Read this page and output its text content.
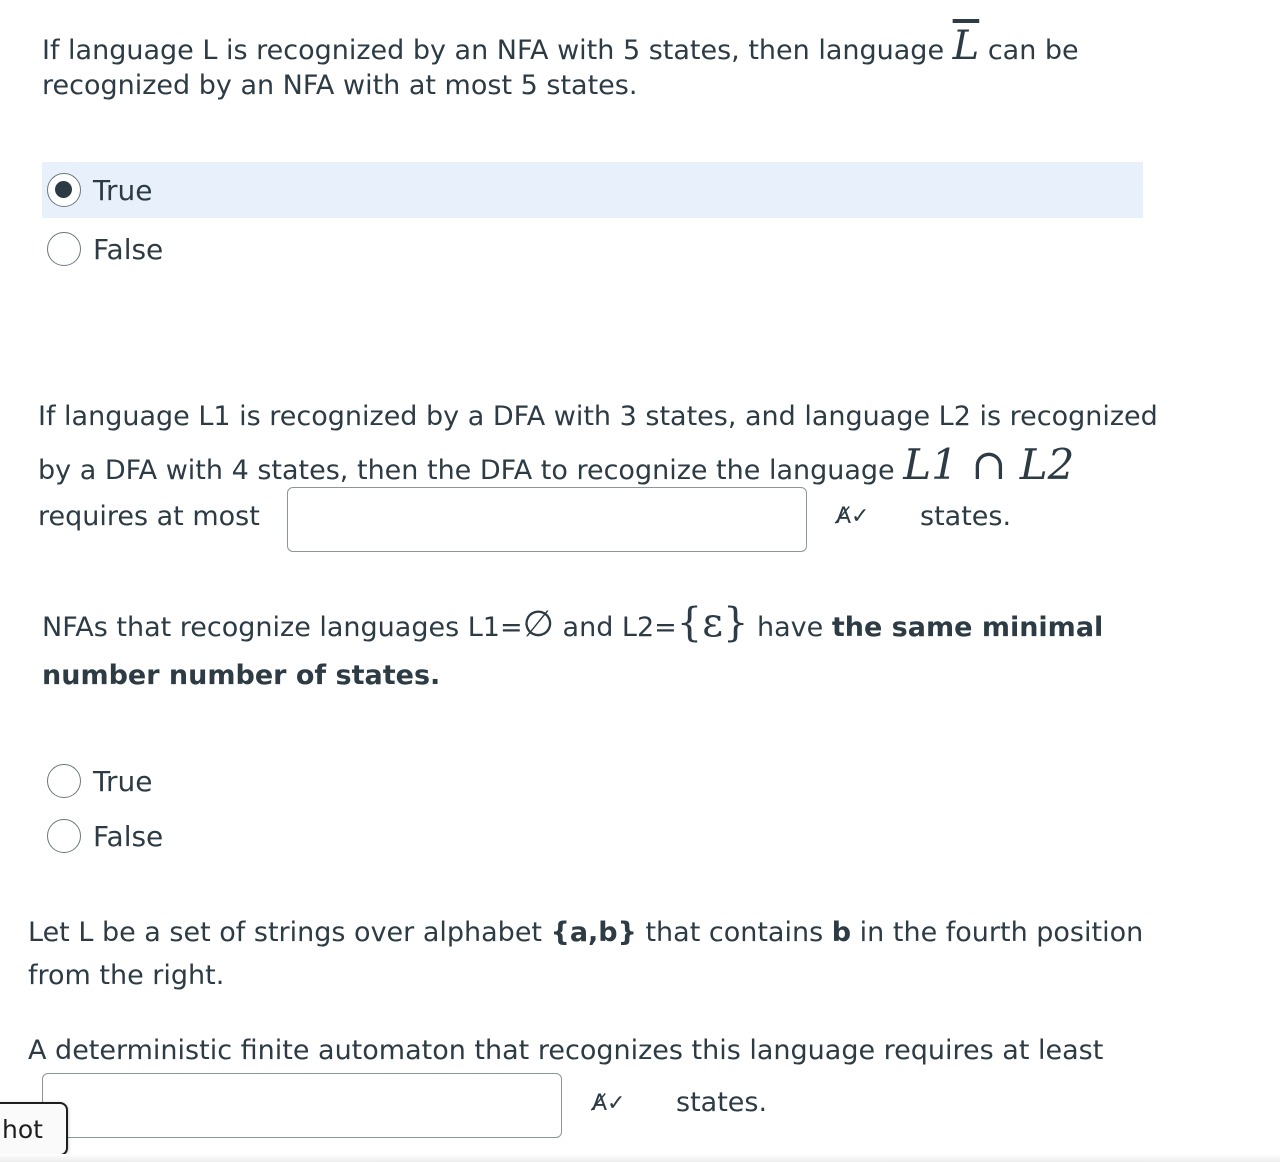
If language L is recognized by an NFA with 5 states, then language $\overline{L}$ can be
recognized by an NFA with at most 5 states.
True
False
If language L1 is recognized by a DFA with 3 states, and language L2 is recognized
by a DFA with 4 states, then the DFA to recognize the language L1 ∩ L2
requires at most	A̸✓ states.
NFAs that recognize languages L1=∅ and L2={ε} have the same minimal
number number of states.
True
False
Let L be a set of strings over alphabet {a,b} that contains b in the fourth position
from the right.
A deterministic finite automaton that recognizes this language requires at least
A̸✓ states.
hot
